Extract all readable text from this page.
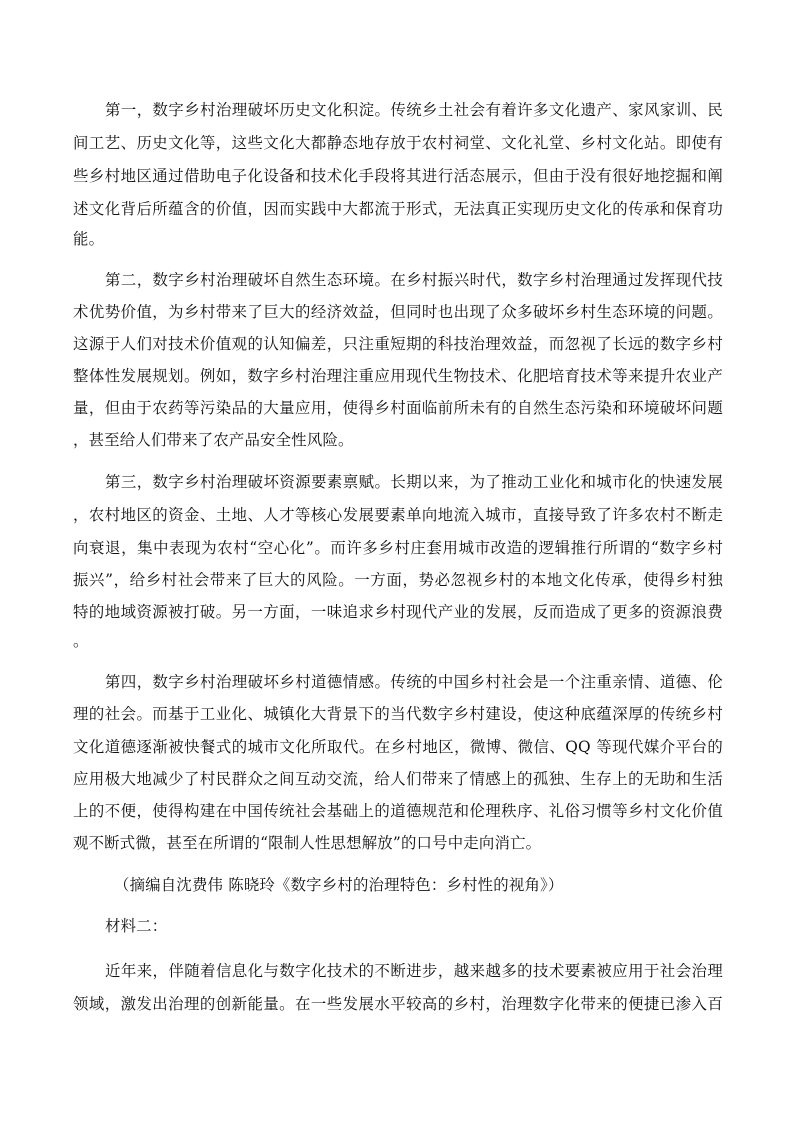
第一，数字乡村治理破坏历史文化积淀。传统乡土社会有着许多文化遗产、家风家训、民
间工艺、历史文化等，这些文化大都静态地存放于农村祠堂、文化礼堂、乡村文化站。即使有
些乡村地区通过借助电子化设备和技术化手段将其进行活态展示，但由于没有很好地挖掘和阐
述文化背后所蕴含的价值，因而实践中大都流于形式，无法真正实现历史文化的传承和保育功
能。
第二，数字乡村治理破坏自然生态环境。在乡村振兴时代，数字乡村治理通过发挥现代技
术优势价值，为乡村带来了巨大的经济效益，但同时也出现了众多破坏乡村生态环境的问题。
这源于人们对技术价值观的认知偏差，只注重短期的科技治理效益，而忽视了长远的数字乡村
整体性发展规划。例如，数字乡村治理注重应用现代生物技术、化肥培育技术等来提升农业产
量，但由于农药等污染品的大量应用，使得乡村面临前所未有的自然生态污染和环境破坏问题
，甚至给人们带来了农产品安全性风险。
第三，数字乡村治理破坏资源要素禀赋。长期以来，为了推动工业化和城市化的快速发展
，农村地区的资金、土地、人才等核心发展要素单向地流入城市，直接导致了许多农村不断走
向衰退，集中表现为农村“空心化”。而许多乡村庄套用城市改造的逻辑推行所谓的“数字乡村
振兴”，给乡村社会带来了巨大的风险。一方面，势必忽视乡村的本地文化传承，使得乡村独
特的地域资源被打破。另一方面，一味追求乡村现代产业的发展，反而造成了更多的资源浪费
。
第四，数字乡村治理破坏乡村道德情感。传统的中国乡村社会是一个注重亲情、道德、伦
理的社会。而基于工业化、城镇化大背景下的当代数字乡村建设，使这种底蕴深厚的传统乡村
文化道德逐渐被快餐式的城市文化所取代。在乡村地区，微博、微信、QQ 等现代媒介平台的
应用极大地减少了村民群众之间互动交流，给人们带来了情感上的孤独、生存上的无助和生活
上的不便，使得构建在中国传统社会基础上的道德规范和伦理秩序、礼俗习惯等乡村文化价值
观不断式微，甚至在所谓的“限制人性思想解放”的口号中走向消亡。
（摘编自沈费伟 陈晓玲《数字乡村的治理特色：乡村性的视角》）
材料二：
近年来，伴随着信息化与数字化技术的不断进步，越来越多的技术要素被应用于社会治理
领域，激发出治理的创新能量。在一些发展水平较高的乡村，治理数字化带来的便捷已渗入百
